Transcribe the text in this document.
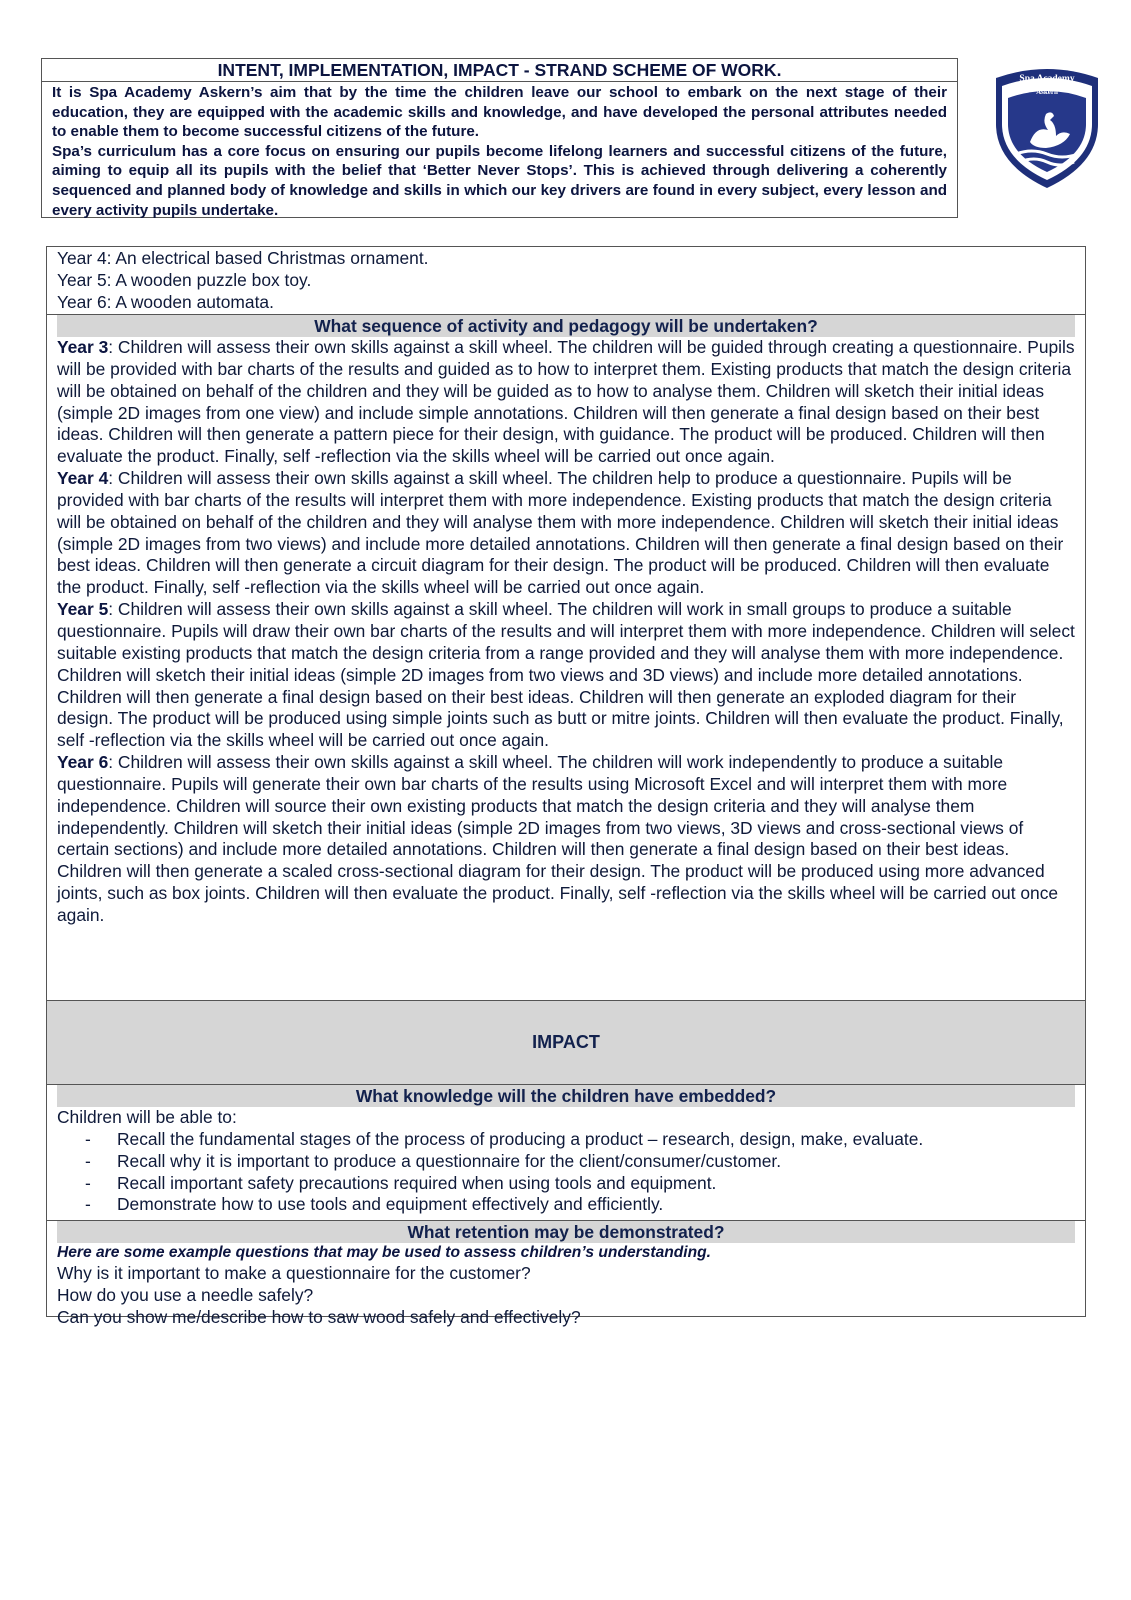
INTENT, IMPLEMENTATION, IMPACT - STRAND SCHEME OF WORK.

It is Spa Academy Askern’s aim that by the time the children leave our school to embark on the next stage of their education, they are equipped with the academic skills and knowledge, and have developed the personal attributes needed to enable them to become successful citizens of the future.

Spa’s curriculum has a core focus on ensuring our pupils become lifelong learners and successful citizens of the future, aiming to equip all its pupils with the belief that ‘Better Never Stops’. This is achieved through delivering a coherently sequenced and planned body of knowledge and skills in which our key drivers are found in every subject, every lesson and every activity pupils undertake.

Spa Academy
Askern
Year 4: An electrical based Christmas ornament.
Year 5: A wooden puzzle box toy.
Year 6: A wooden automata.
What sequence of activity and pedagogy will be undertaken?

Year 3: Children will assess their own skills against a skill wheel. The children will be guided through creating a questionnaire. Pupils will be provided with bar charts of the results and guided as to how to interpret them. Existing products that match the design criteria will be obtained on behalf of the children and they will be guided as to how to analyse them. Children will sketch their initial ideas (simple 2D images from one view) and include simple annotations. Children will then generate a final design based on their best ideas. Children will then generate a pattern piece for their design, with guidance. The product will be produced. Children will then evaluate the product. Finally, self -reflection via the skills wheel will be carried out once again.

Year 4: Children will assess their own skills against a skill wheel. The children help to produce a questionnaire. Pupils will be provided with bar charts of the results will interpret them with more independence. Existing products that match the design criteria will be obtained on behalf of the children and they will analyse them with more independence. Children will sketch their initial ideas (simple 2D images from two views) and include more detailed annotations. Children will then generate a final design based on their best ideas. Children will then generate a circuit diagram for their design. The product will be produced. Children will then evaluate the product. Finally, self -reflection via the skills wheel will be carried out once again.

Year 5: Children will assess their own skills against a skill wheel. The children will work in small groups to produce a suitable questionnaire. Pupils will draw their own bar charts of the results and will interpret them with more independence. Children will select suitable existing products that match the design criteria from a range provided and they will analyse them with more independence. Children will sketch their initial ideas (simple 2D images from two views and 3D views) and include more detailed annotations. Children will then generate a final design based on their best ideas. Children will then generate an exploded diagram for their design. The product will be produced using simple joints such as butt or mitre joints. Children will then evaluate the product. Finally, self -reflection via the skills wheel will be carried out once again.

Year 6: Children will assess their own skills against a skill wheel. The children will work independently to produce a suitable questionnaire. Pupils will generate their own bar charts of the results using Microsoft Excel and will interpret them with more independence. Children will source their own existing products that match the design criteria and they will analyse them independently. Children will sketch their initial ideas (simple 2D images from two views, 3D views and cross-sectional views of certain sections) and include more detailed annotations. Children will then generate a final design based on their best ideas. Children will then generate a scaled cross-sectional diagram for their design. The product will be produced using more advanced joints, such as box joints. Children will then evaluate the product. Finally, self -reflection via the skills wheel will be carried out once again.

IMPACT
What knowledge will the children have embedded?
Children will be able to:
- Recall the fundamental stages of the process of producing a product – research, design, make, evaluate.
- Recall why it is important to produce a questionnaire for the client/consumer/customer.
- Recall important safety precautions required when using tools and equipment.
- Demonstrate how to use tools and equipment effectively and efficiently.
What retention may be demonstrated?
Here are some example questions that may be used to assess children’s understanding.
Why is it important to make a questionnaire for the customer?
How do you use a needle safely?
Can you show me/describe how to saw wood safely and effectively?
